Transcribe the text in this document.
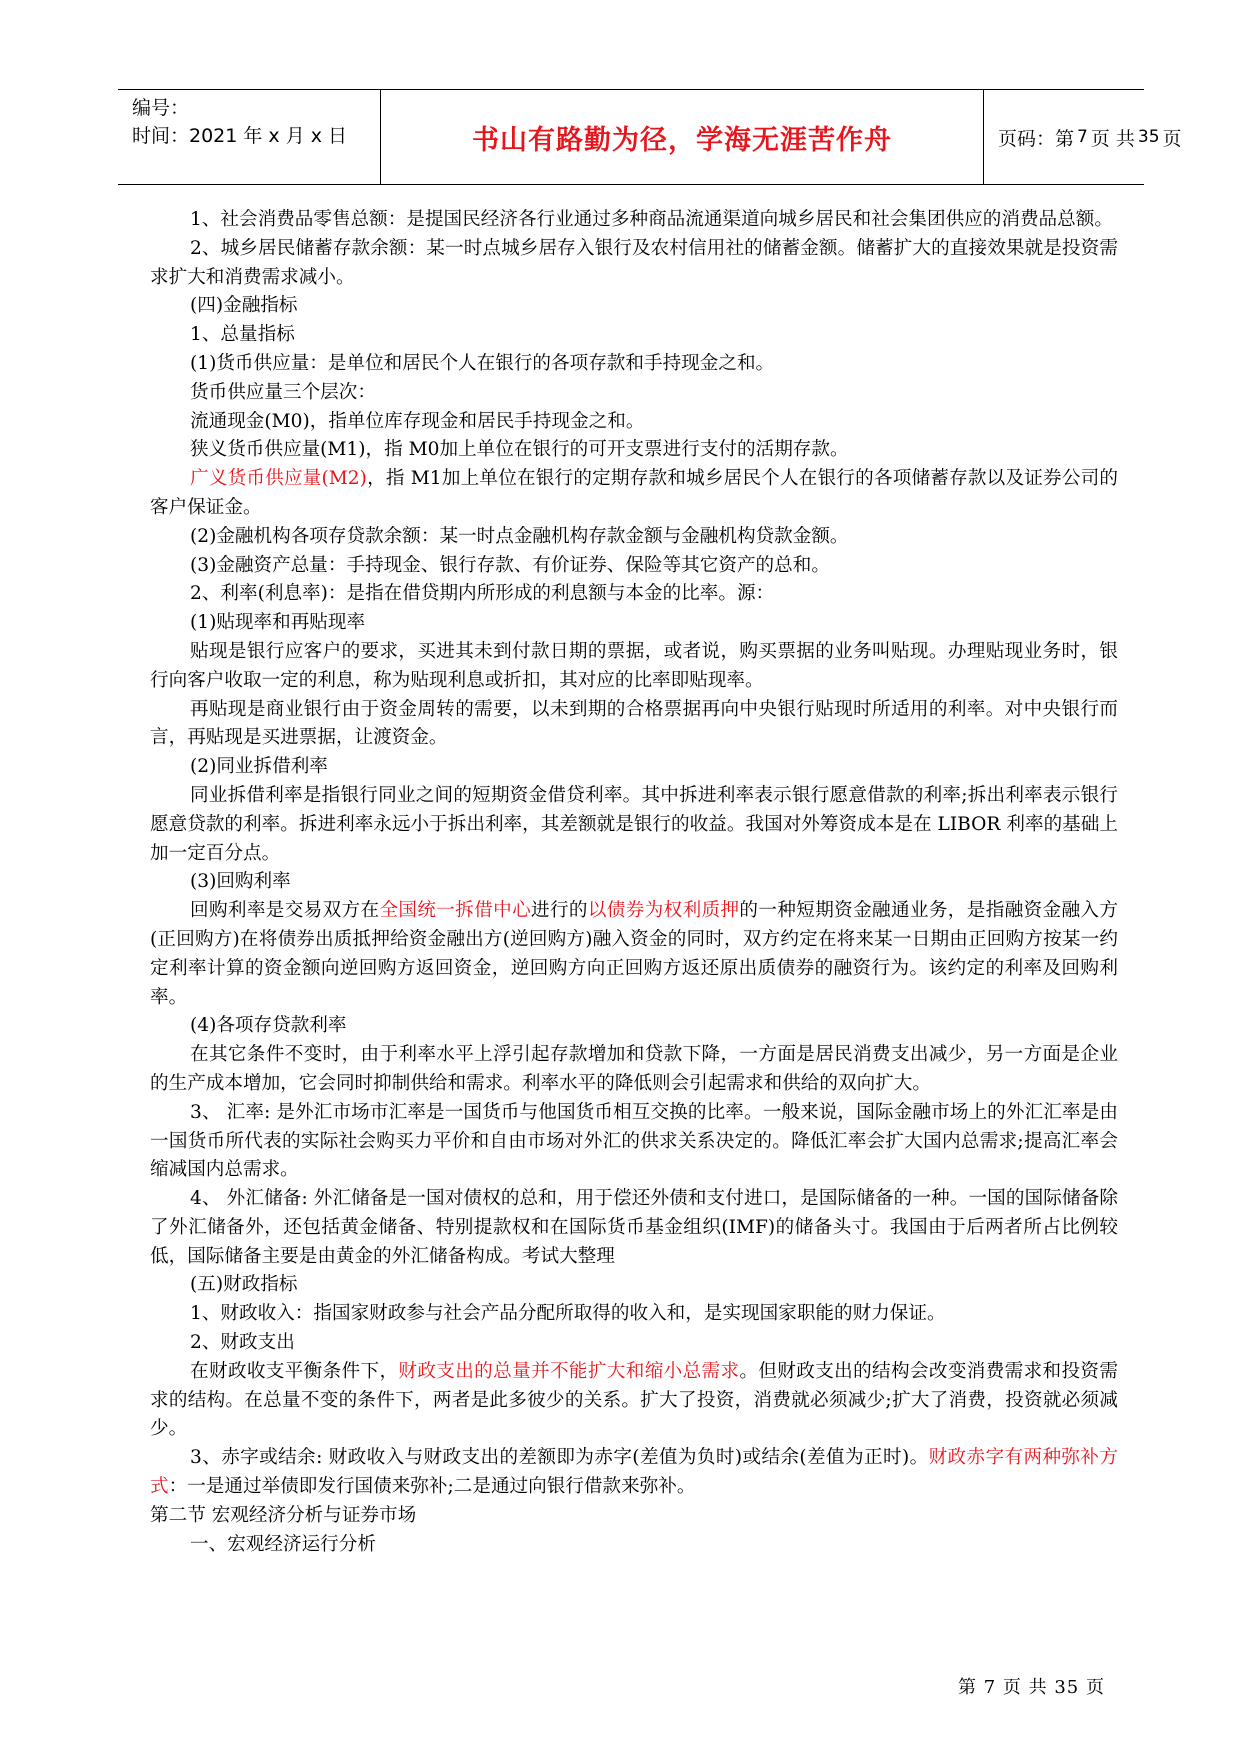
编号：
时间：2021 年 x 月 x 日	书山有路勤为径，学海无涯苦作舟	页码：第 7 页 共 35 页

1、社会消费品零售总额：是提国民经济各行业通过多种商品流通渠道向城乡居民和社会集团供应的消费品总额。

2、城乡居民储蓄存款余额：某一时点城乡居存入银行及农村信用社的储蓄金额。储蓄扩大的直接效果就是投资需求扩大和消费需求减小。

(四)金融指标

1、总量指标

(1)货币供应量：是单位和居民个人在银行的各项存款和手持现金之和。

货币供应量三个层次：

流通现金(M0)，指单位库存现金和居民手持现金之和。

狭义货币供应量(M1)，指 M0加上单位在银行的可开支票进行支付的活期存款。

广义货币供应量(M2)，指 M1加上单位在银行的定期存款和城乡居民个人在银行的各项储蓄存款以及证券公司的客户保证金。

(2)金融机构各项存贷款余额：某一时点金融机构存款金额与金融机构贷款金额。

(3)金融资产总量：手持现金、银行存款、有价证券、保险等其它资产的总和。

2、利率(利息率)：是指在借贷期内所形成的利息额与本金的比率。源：

(1)贴现率和再贴现率

贴现是银行应客户的要求，买进其未到付款日期的票据，或者说，购买票据的业务叫贴现。办理贴现业务时，银行向客户收取一定的利息，称为贴现利息或折扣，其对应的比率即贴现率。

再贴现是商业银行由于资金周转的需要，以未到期的合格票据再向中央银行贴现时所适用的利率。对中央银行而言，再贴现是买进票据，让渡资金。

(2)同业拆借利率

同业拆借利率是指银行同业之间的短期资金借贷利率。其中拆进利率表示银行愿意借款的利率;拆出利率表示银行愿意贷款的利率。拆进利率永远小于拆出利率，其差额就是银行的收益。我国对外筹资成本是在 LIBOR 利率的基础上加一定百分点。

(3)回购利率

回购利率是交易双方在全国统一拆借中心进行的以债券为权利质押的一种短期资金融通业务，是指融资金融入方(正回购方)在将债券出质抵押给资金融出方(逆回购方)融入资金的同时，双方约定在将来某一日期由正回购方按某一约定利率计算的资金额向逆回购方返回资金，逆回购方向正回购方返还原出质债券的融资行为。该约定的利率及回购利率。

(4)各项存贷款利率

在其它条件不变时，由于利率水平上浮引起存款增加和贷款下降，一方面是居民消费支出减少，另一方面是企业的生产成本增加，它会同时抑制供给和需求。利率水平的降低则会引起需求和供给的双向扩大。

3、 汇率: 是外汇市场市汇率是一国货币与他国货币相互交换的比率。一般来说，国际金融市场上的外汇汇率是由一国货币所代表的实际社会购买力平价和自由市场对外汇的供求关系决定的。降低汇率会扩大国内总需求;提高汇率会缩减国内总需求。

4、 外汇储备: 外汇储备是一国对债权的总和，用于偿还外债和支付进口，是国际储备的一种。一国的国际储备除了外汇储备外，还包括黄金储备、特别提款权和在国际货币基金组织(IMF)的储备头寸。我国由于后两者所占比例较低，国际储备主要是由黄金的外汇储备构成。考试大整理

(五)财政指标

1、财政收入：指国家财政参与社会产品分配所取得的收入和，是实现国家职能的财力保证。

2、财政支出

在财政收支平衡条件下，财政支出的总量并不能扩大和缩小总需求。但财政支出的结构会改变消费需求和投资需求的结构。在总量不变的条件下，两者是此多彼少的关系。扩大了投资，消费就必须减少;扩大了消费，投资就必须减少。

3、赤字或结余: 财政收入与财政支出的差额即为赤字(差值为负时)或结余(差值为正时)。财政赤字有两种弥补方式：一是通过举债即发行国债来弥补;二是通过向银行借款来弥补。

第二节 宏观经济分析与证券市场

一、宏观经济运行分析

第 7 页 共 35 页
